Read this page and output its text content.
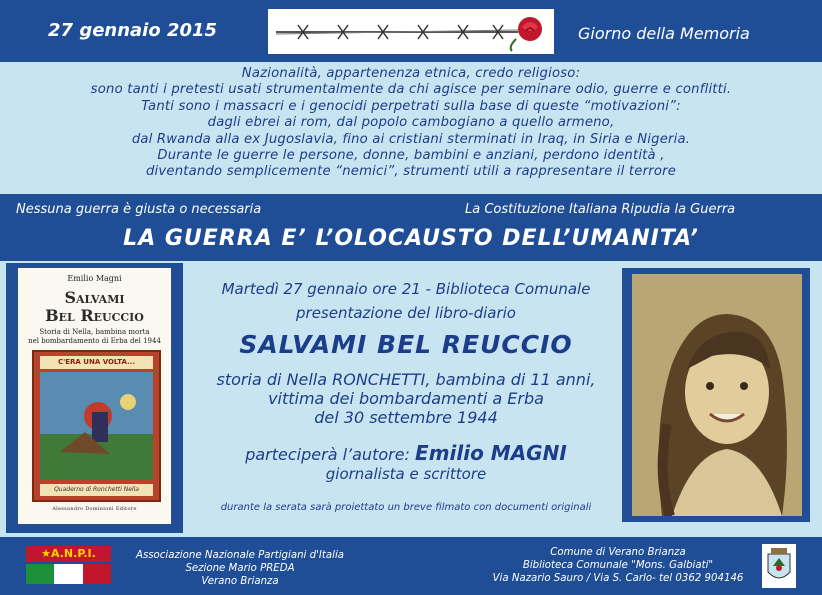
27 gennaio 2015	Giorno della Memoria

Nazionalità, appartenenza etnica, credo religioso:

sono tanti i pretesti usati strumentalmente da chi agisce per seminare odio, guerre e conflitti.

Tanti sono i massacri e i genocidi perpetrati sulla base di queste “motivazioni”:

dagli ebrei ai rom, dal popolo cambogiano a quello armeno,

dal Rwanda alla ex Jugoslavia, fino ai cristiani sterminati in Iraq, in Siria e Nigeria.

Durante le guerre le persone, donne, bambini e anziani, perdono identità ,

diventando semplicemente “nemici”, strumenti utili a rappresentare il terrore

Nessuna guerra è giusta o necessaria	La Costituzione Italiana Ripudia la Guerra
LA GUERRA E’ L’OLOCAUSTO DELL’UMANITA’
Emilio Magni
Salvami
Bel Reuccio
Storia di Nella, bambina morta
nel bombardamento di Erba del 1944
C'ERA UNA VOLTA...
Quaderno di Ronchetti Nella
Alessandro Dominioni Editore
Martedì 27 gennaio ore 21 - Biblioteca Comunale
presentazione del libro-diario
SALVAMI BEL REUCCIO
storia di Nella RONCHETTI, bambina di 11 anni,
vittima dei bombardamenti a Erba
del 30 settembre 1944
parteciperà l’autore: Emilio MAGNI
giornalista e scrittore
durante la serata sarà proiettato un breve filmato con documenti originali
★A.N.P.I.	Associazione Nazionale Partigiani d'Italia
Sezione Mario PREDA
Verano Brianza
Comune di Verano Brianza
Biblioteca Comunale "Mons. Galbiati"
Via Nazario Sauro / Via S. Carlo- tel 0362 904146
